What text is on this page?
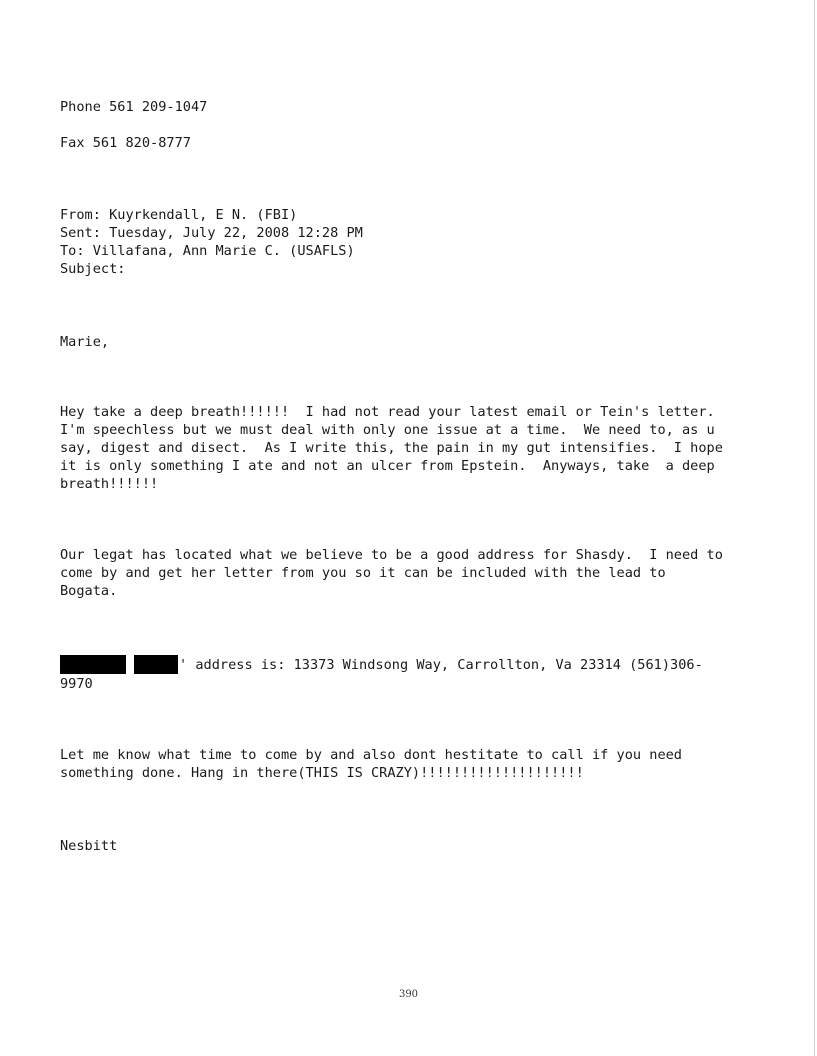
Phone 561 209-1047
Fax 561 820-8777
From: Kuyrkendall, E N. (FBI)
Sent: Tuesday, July 22, 2008 12:28 PM
To: Villafana, Ann Marie C. (USAFLS)
Subject:
Marie,
Hey take a deep breath!!!!!!  I had not read your latest email or Tein's letter.
I'm speechless but we must deal with only one issue at a time.  We need to, as u
say, digest and disect.  As I write this, the pain in my gut intensifies.  I hope
it is only something I ate and not an ulcer from Epstein.  Anyways, take  a deep
breath!!!!!!
Our legat has located what we believe to be a good address for Shasdy.  I need to
come by and get her letter from you so it can be included with the lead to
Bogata.
' address is: 13373 Windsong Way, Carrollton, Va 23314 (561)306-
9970
Let me know what time to come by and also dont hestitate to call if you need
something done. Hang in there(THIS IS CRAZY)!!!!!!!!!!!!!!!!!!!!
Nesbitt
390
